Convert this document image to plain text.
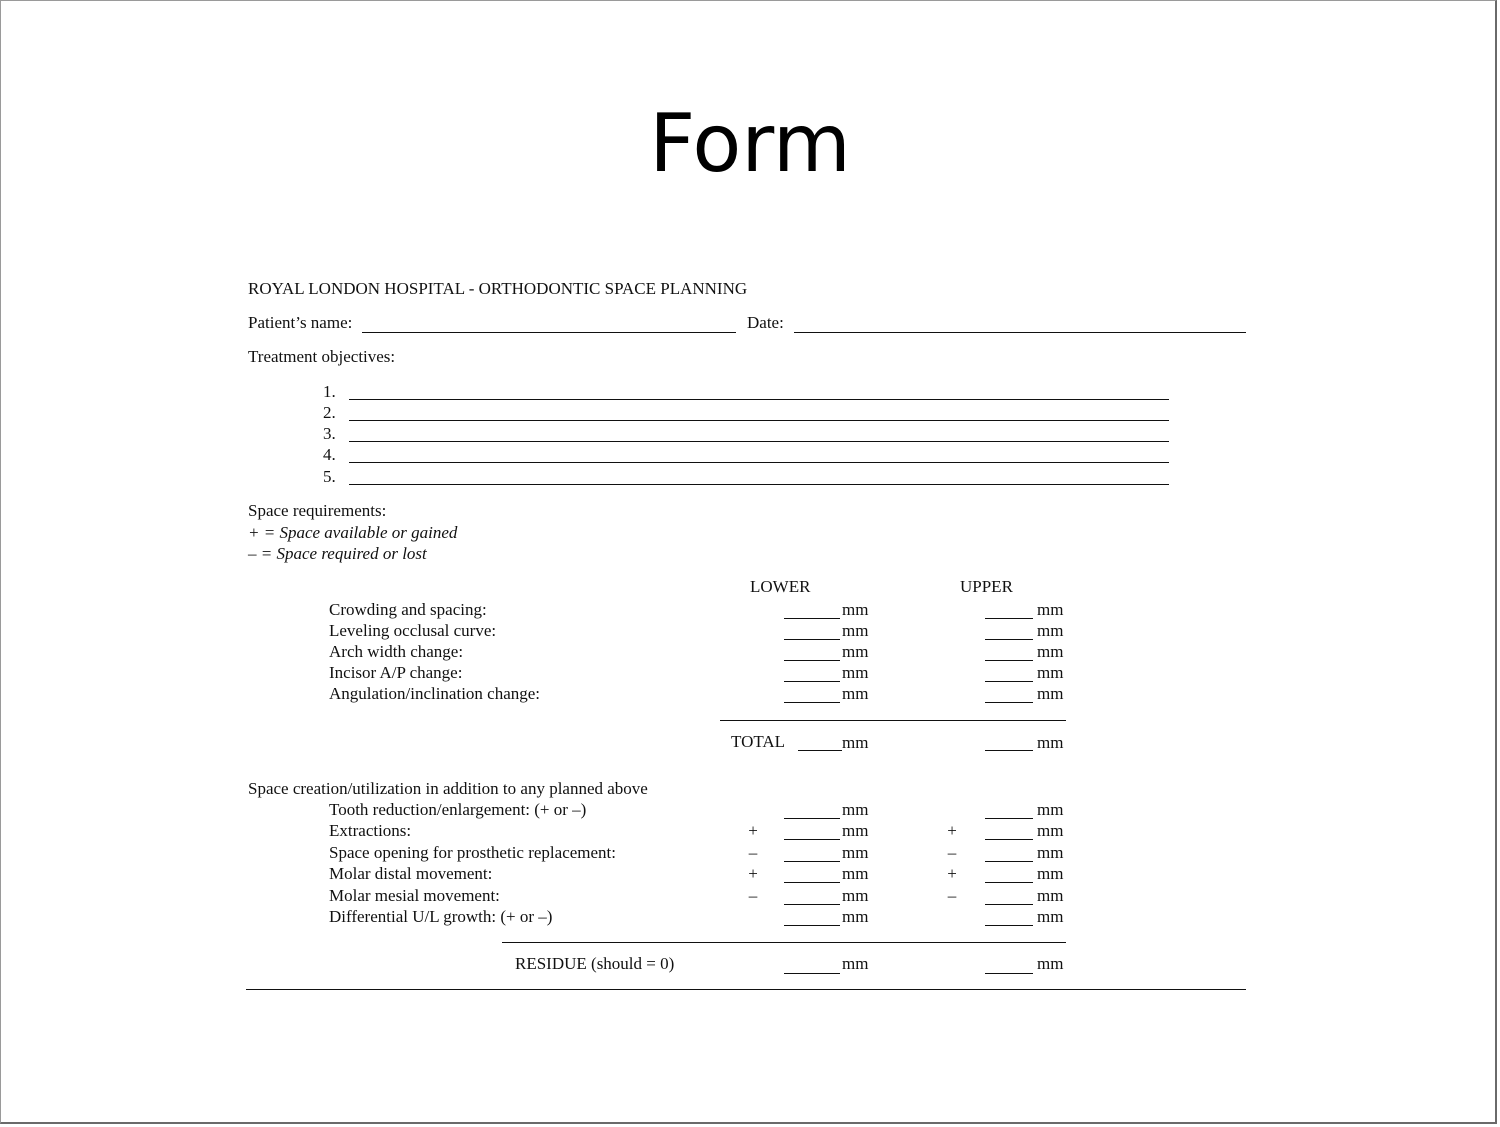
Form
ROYAL LONDON HOSPITAL - ORTHODONTIC SPACE PLANNING
Patient’s name:	Date:
Treatment objectives:
1.
2.
3.
4.
5.
Space requirements:
+ = Space available or gained
– = Space required or lost
LOWER	UPPER
Crowding and spacing:	mm	mm
Leveling occlusal curve:	mm	mm
Arch width change:	mm	mm
Incisor A/P change:	mm	mm
Angulation/inclination change:	mm	mm
TOTAL	mm	mm
Space creation/utilization in addition to any planned above
Tooth reduction/enlargement: (+ or –)	mm	mm
Extractions:	+	mm	+	mm
Space opening for prosthetic replacement:	–	mm	–	mm
Molar distal movement:	+	mm	+	mm
Molar mesial movement:	–	mm	–	mm
Differential U/L growth: (+ or –)	mm	mm
RESIDUE (should = 0)	mm	mm
